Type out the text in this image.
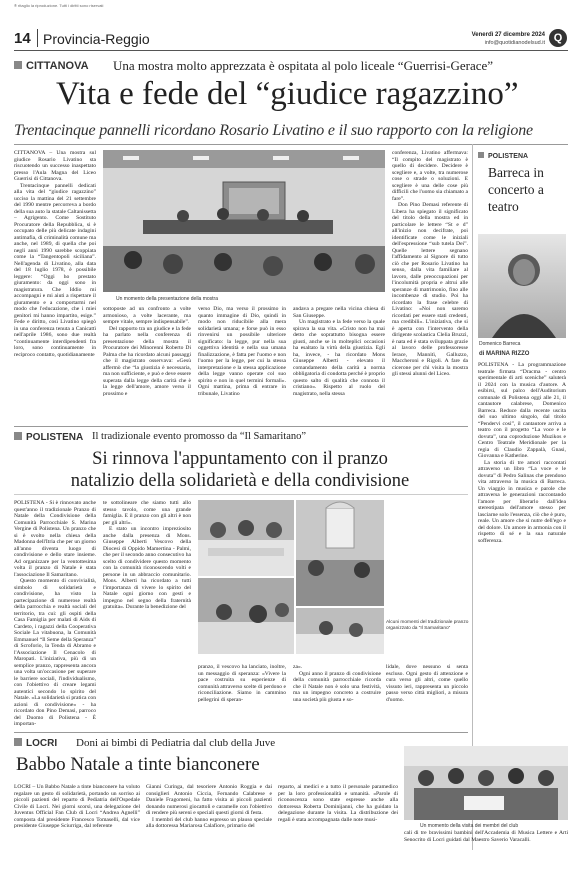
® ritaglio la riproduzione. Tutti i diritti sono riservati
14 Provincia-Reggio	Venerdì 27 dicembre 2024
info@quotidianodelsud.it Q
CITTANOVA Una mostra molto apprezzata è ospitata al polo liceale “Guerrisi-Gerace”
Vita e fede del “giudice ragazzino”
Trentacinque pannelli ricordano Rosario Livatino e il suo rapporto con la religione

CITTANOVA – Una mostra sul giudice Rosario Livatino sta riscuotendo un successo inaspettato presso l'Aula Magna del Liceo Guerrisi di Cittanova.

Trentacinque pannelli dedicati alla vita del “giudice ragazzino” ucciso la mattina del 21 settembre del 1990 mentre percorreva a bordo della sua auto la statale Caltanissetta – Agrigento. Come Sostituto Procuratore della Repubblica, si è occupato delle più delicate indagini antimafia, di criminalità comune ma anche, nel 1989, di quella che poi negli anni 1990 sarebbe scoppiata come la “Tangentopoli siciliana”. Nell'agenda di Livatino, alla data del 18 luglio 1978, è possibile leggere: “Oggi ho prestato giuramento: da oggi sono in magistratura. Che Iddio mi accompagni e mi aiuti a rispettare il giuramento e a comportarmi nel modo che l'educazione, che i miei genitori mi hanno impartito, esige.” Fede e diritto, così Livatino spiegò in una conferenza tenuta a Canicattì nell'aprile 1986, sono due realtà “continuamente interdipendenti fra loro, sono continuamente in reciproco contatto, quotidianamente

Un momento della presentazione della mostra

sottoposte ad un confronto a volte armonioso, a volte lacerante, ma sempre vitale, sempre indispensabile”.

Del rapporto tra un giudice e la fede ha parlato nella conferenza di presentazione della mostra il Procuratore dei Minorenni Roberto Di Palma che ha ricordato alcuni passaggi che il magistrato osservava: «Gesù affermò che “la giustizia è necessaria, ma non sufficiente, e può e deve essere superata dalla legge della carità che è la legge dell'amore, amore verso il prossimo e

verso Dio, ma verso il prossimo in quanto immagine di Dio, quindi in modo non riducibile alla mera solidarietà umana; e forse può in esso rinvenirsi un possibile ulteriore significato: la legge, pur nella sua oggettiva identità e nella sua umana finalizzazione, è fatta per l'uomo e non l'uomo per la legge, per cui la stessa interpretazione e la stessa applicazione della legge vanno operate col suo spirito e non in quel termini formali». Ogni mattina, prima di entrare in tribunale, Livatino

andava a pregare nella vicina chiesa di San Giuseppe.

Un magistrato e la fede verso la quale spirava la sua vita. «Cristo non ha mai detto che soprattutto bisogna essere giusti, anche se in molteplici occasioni ha esaltato la virtù della giustizia. Egli ha, invece, - ha ricordato Mons Giuseppe Alberti - elevato il comandamento della carità a norma obbligatoria di condotta perché è proprio questo salto di qualità che connota il cristiano». Rispetto al ruolo del magistrato, nella stessa

conferenza, Livatino affermava: “Il compito del magistrato è quello di decidere. Decidere è scegliere e, a volte, tra numerose cose o strade o soluzioni. E scegliere è una delle cose più difficili che l'uomo sia chiamato a fare”.

Don Pino Demasi referente di Libera ha spiegato il significato del titolo della mostra ed in particolare le lettere “St e d” all'inizio non decifrate, poi identificate come le iniziali dell'espressione “sub tutela Dei”. Quelle lettere segnano l'affidamento al Signore di tutto ciò che per Rosario Livatino ha senso, dalla vita familiare al lavoro, dalle preoccupazioni per l'incolumità propria e altrui alle speranze di matrimonio, fino alle incombenze di studio. Poi ha ricordato la frase celebre di Livatino: «Noi non saremo ricordati per essere stati credenti, ma credibili». L'iniziativa, che si è aperta con l'intervento della dirigente scolastica Clelia Bruzzì, è nata ed è stata sviluppata grazie al lavoro delle professoresse Ierace, Mannitì, Galluzzo, Maccheroni e Rigoli. A fare da cicerone per chi visita la mostra gli stessi alunni del Liceo.

POLISTENA
Barreca in concerto a teatro
Domenico Barreca
di MARINA RIZZO

POLISTENA - La programmazione teatrale firmata “Dracma - centro sperimentale di arti sceniche” saluterà il 2024 con la musica d'autore. A esibirsi, sul palco dell'Auditorium comunale di Polistena oggi alle 21, il cantautore calabrese, Domenico Barreca. Reduce dalla recente uscita del suo ultimo singolo, dal titolo “Pendervi così”, il cantautore arriva a teatro con il progetto “La voce e le dovuta”, una coproduzione Muzikos e Centro Teatrale Meridionale per la regia di Claudio Zappalà, Gnasi, Giovanna e Katherine.

La storia di tre amori raccontati attraverso un libro “La voce e le dovuta” di Pedro Salinas che prendono vita attraverso la musica di Barreca. Un viaggio in musica e parole che attraversa le generazioni raccontando l'amore per liberarlo dall'idea stereotipata dell'amore stesso per lasciarne solo l'essenza, ciò che è puro, reale. Un amore che si nutre dell'ego e del dolore. Un amore in armonia con il rispetto di sé e la sua naturale sofferenza.

POLISTENA Il tradizionale evento promosso da “Il Samaritano”
Si rinnova l'appuntamento con il pranzo
natalizio della solidarietà e della condivisione

POLISTENA - Si è rinnovato anche quest'anno il tradizionale Pranzo di Natale della Condivisione della Comunità Parrocchiale S. Marina Vergine di Polistena. Un pranzo che si è svolto nella chiesa della Madonna dell'Itria che per un giorno all'anno diventa luogo di condivisione e dello stare insieme. Ad organizzare per la ventottesima volta il pranzo di Natale è stata l'associazione Il Samaritano.

Questo momento di convivialità, simbolo di solidarietà e condivisione, ha visto la partecipazione di numerose realtà della parrocchia e realtà sociali del territorio, tra cui: gli ospiti della Casa Famiglia per malati di Aids di Cardeto, i ragazzi della Cooperativa Sociale La vitabuona, la Comunità Emmanuel “Il Seme della Speranza” di Scroforio, la Tenda di Abramo e l'Associazione Il Cenacolo di Maropati. L'iniziativa, più di un semplice pranzo, rappresenta ancora una volta un'occasione per superare le barriere sociali, l'individualismo, con l'obiettivo di creare legami autentici secondo lo spirito del Natale. «La solidarietà si pratica con azioni di condivisione» - ha ricordato don Pino Demasi, parroco del Duomo di Polistena - È importan-

te sottolineare che siamo tutti allo stesso tavolo, come una grande famiglia. E il pranzo con gli altri è non per gli altri».

E stato un incontro impreziosito anche dalla presenza di Mons. Giuseppe Alberti Vescovo della Diocesi di Oppido Mamertina - Palmi, che per il secondo anno consecutivo ha scelto di condividere questo momento con la comunità riconoscendo volti e persone in un abbraccio comunitario. Mons. Alberti ha ricordato a tutti l'importanza di vivere lo spirito del Natale ogni giorno con gesti e impegno nel segno della fraternità gratuita». Durante la benedizione del

Alcuni momenti del tradizionale pranzo organizzato da “Il Samaritano”

pranzo, il vescovo ha lanciato, inoltre, un messaggio di speranza: «Vivere la pace costruita su esperienze di comunità attraverso scelte di perdono e riconciliazione. Siamo in cammino pellegrini di speran-

za».

Ogni anno il pranzo di condivisione della comunità parrocchiale ricorda che il Natale non è solo una festività, ma un impegno concreto a costruire una società più giusta e so-

lidale, dove nessuno si senta escluso. Ogni gesto di attenzione e cura verso gli altri, come quello vissuto ieri, rappresenta un piccolo passo verso città migliori, a misura d'uomo.

LOCRI Doni ai bimbi di Pediatria dal club della Juve
Babbo Natale a tinte bianconere
Un momento della visita dei membri del club

LOCRI – Un Babbo Natale a tinte bianconere ha voluto regalare un gesto di solidarietà, portando un sorriso ai piccoli pazienti del reparto di Pediatria dell'Ospedale Civile di Locri. Nei giorni scorsi, una delegazione del Juventus Official Fan Club di Locri “Andrea Agnelli” composta dal presidente Francesco Tomaselli, dal vice presidente Giuseppe Sciurriga, dal referente

Gianni Curinga, dal tesoriere Antonio Roggia e dai consiglieri Antonio Ciccia, Fernando Calabrese e Daniele Fragomeni, ha fatto visita ai piccoli pazienti donando numerosi giocattoli e caramelle con l'obiettivo di rendere più sereni e speciali questi giorni di festa.

I membri del club hanno espresso un plauso speciale alla dottoressa Mariarosa Calafiore, primario del

reparto, ai medici e a tutto il personale paramedico per la loro professionalità e umanità. «Parole di riconoscenza sono state espresse anche alla dottoressa Roberta Dominijanni, che ha guidato la delegazione durante la visita. La distribuzione dei regali è stata accompagnata dalle note musi-

cali di tre bravissimi bambini dell'Accademia di Musica Lettere e Arti Senocrito di Locri guidati dal Maestro Saverio Varacalli.
